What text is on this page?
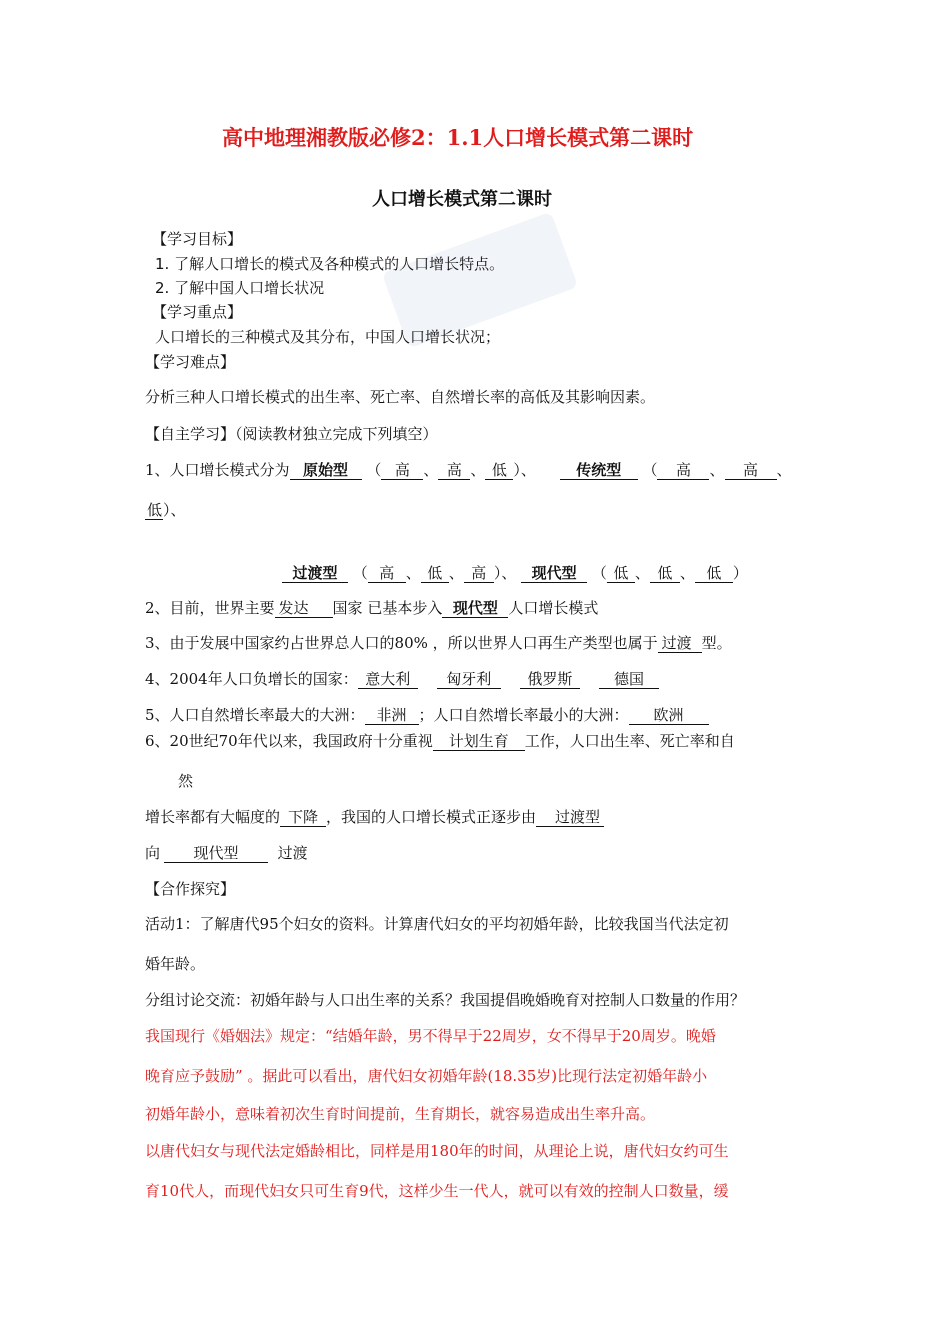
高中地理湘教版必修2：1.1人口增长模式第二课时
人口增长模式第二课时
【学习目标】
1. 了解人口增长的模式及各种模式的人口增长特点。
2. 了解中国人口增长状况
【学习重点】
人口增长的三种模式及其分布，中国人口增长状况；
【学习难点】
分析三种人口增长模式的出生率、死亡率、自然增长率的高低及其影响因素。
【自主学习】（阅读教材独立完成下列填空）
1、人口增长模式分为 原始型 （ 高 、 高 、 低 ）、     传统型 （ 高 、 高 、
低）、
过渡型 （ 高 、 低 、 高 ）、 现代型 （ 低 、 低 、 低 ）
2、目前，世界主要 发达 国家 已基本步入 现代型 人口增长模式
3、由于发展中国家约占世界总人口的80% ，所以世界人口再生产类型也属于 过渡 型。
4、2004年人口负增长的国家： 意大利 匈牙利 俄罗斯	德国
5、人口自然增长率最大的大洲： 非洲 ；人口自然增长率最小的大洲： 欧洲
6、20世纪70年代以来，我国政府十分重视 计划生育 工作，人口出生率、死亡率和自
然
增长率都有大幅度的 下降 ，我国的人口增长模式正逐步由 过渡型
向 现代型	过渡
【合作探究】
活动1：了解唐代95个妇女的资料。计算唐代妇女的平均初婚年龄，比较我国当代法定初
婚年龄。
分组讨论交流：初婚年龄与人口出生率的关系？我国提倡晚婚晚育对控制人口数量的作用？
我国现行《婚姻法》规定：“结婚年龄，男不得早于22周岁，女不得早于20周岁。晚婚
晚育应予鼓励” 。据此可以看出，唐代妇女初婚年龄(18.35岁)比现行法定初婚年龄小
初婚年龄小，意味着初次生育时间提前，生育期长，就容易造成出生率升高。
以唐代妇女与现代法定婚龄相比，同样是用180年的时间，从理论上说，唐代妇女约可生
育10代人，而现代妇女只可生育9代，这样少生一代人，就可以有效的控制人口数量，缓
